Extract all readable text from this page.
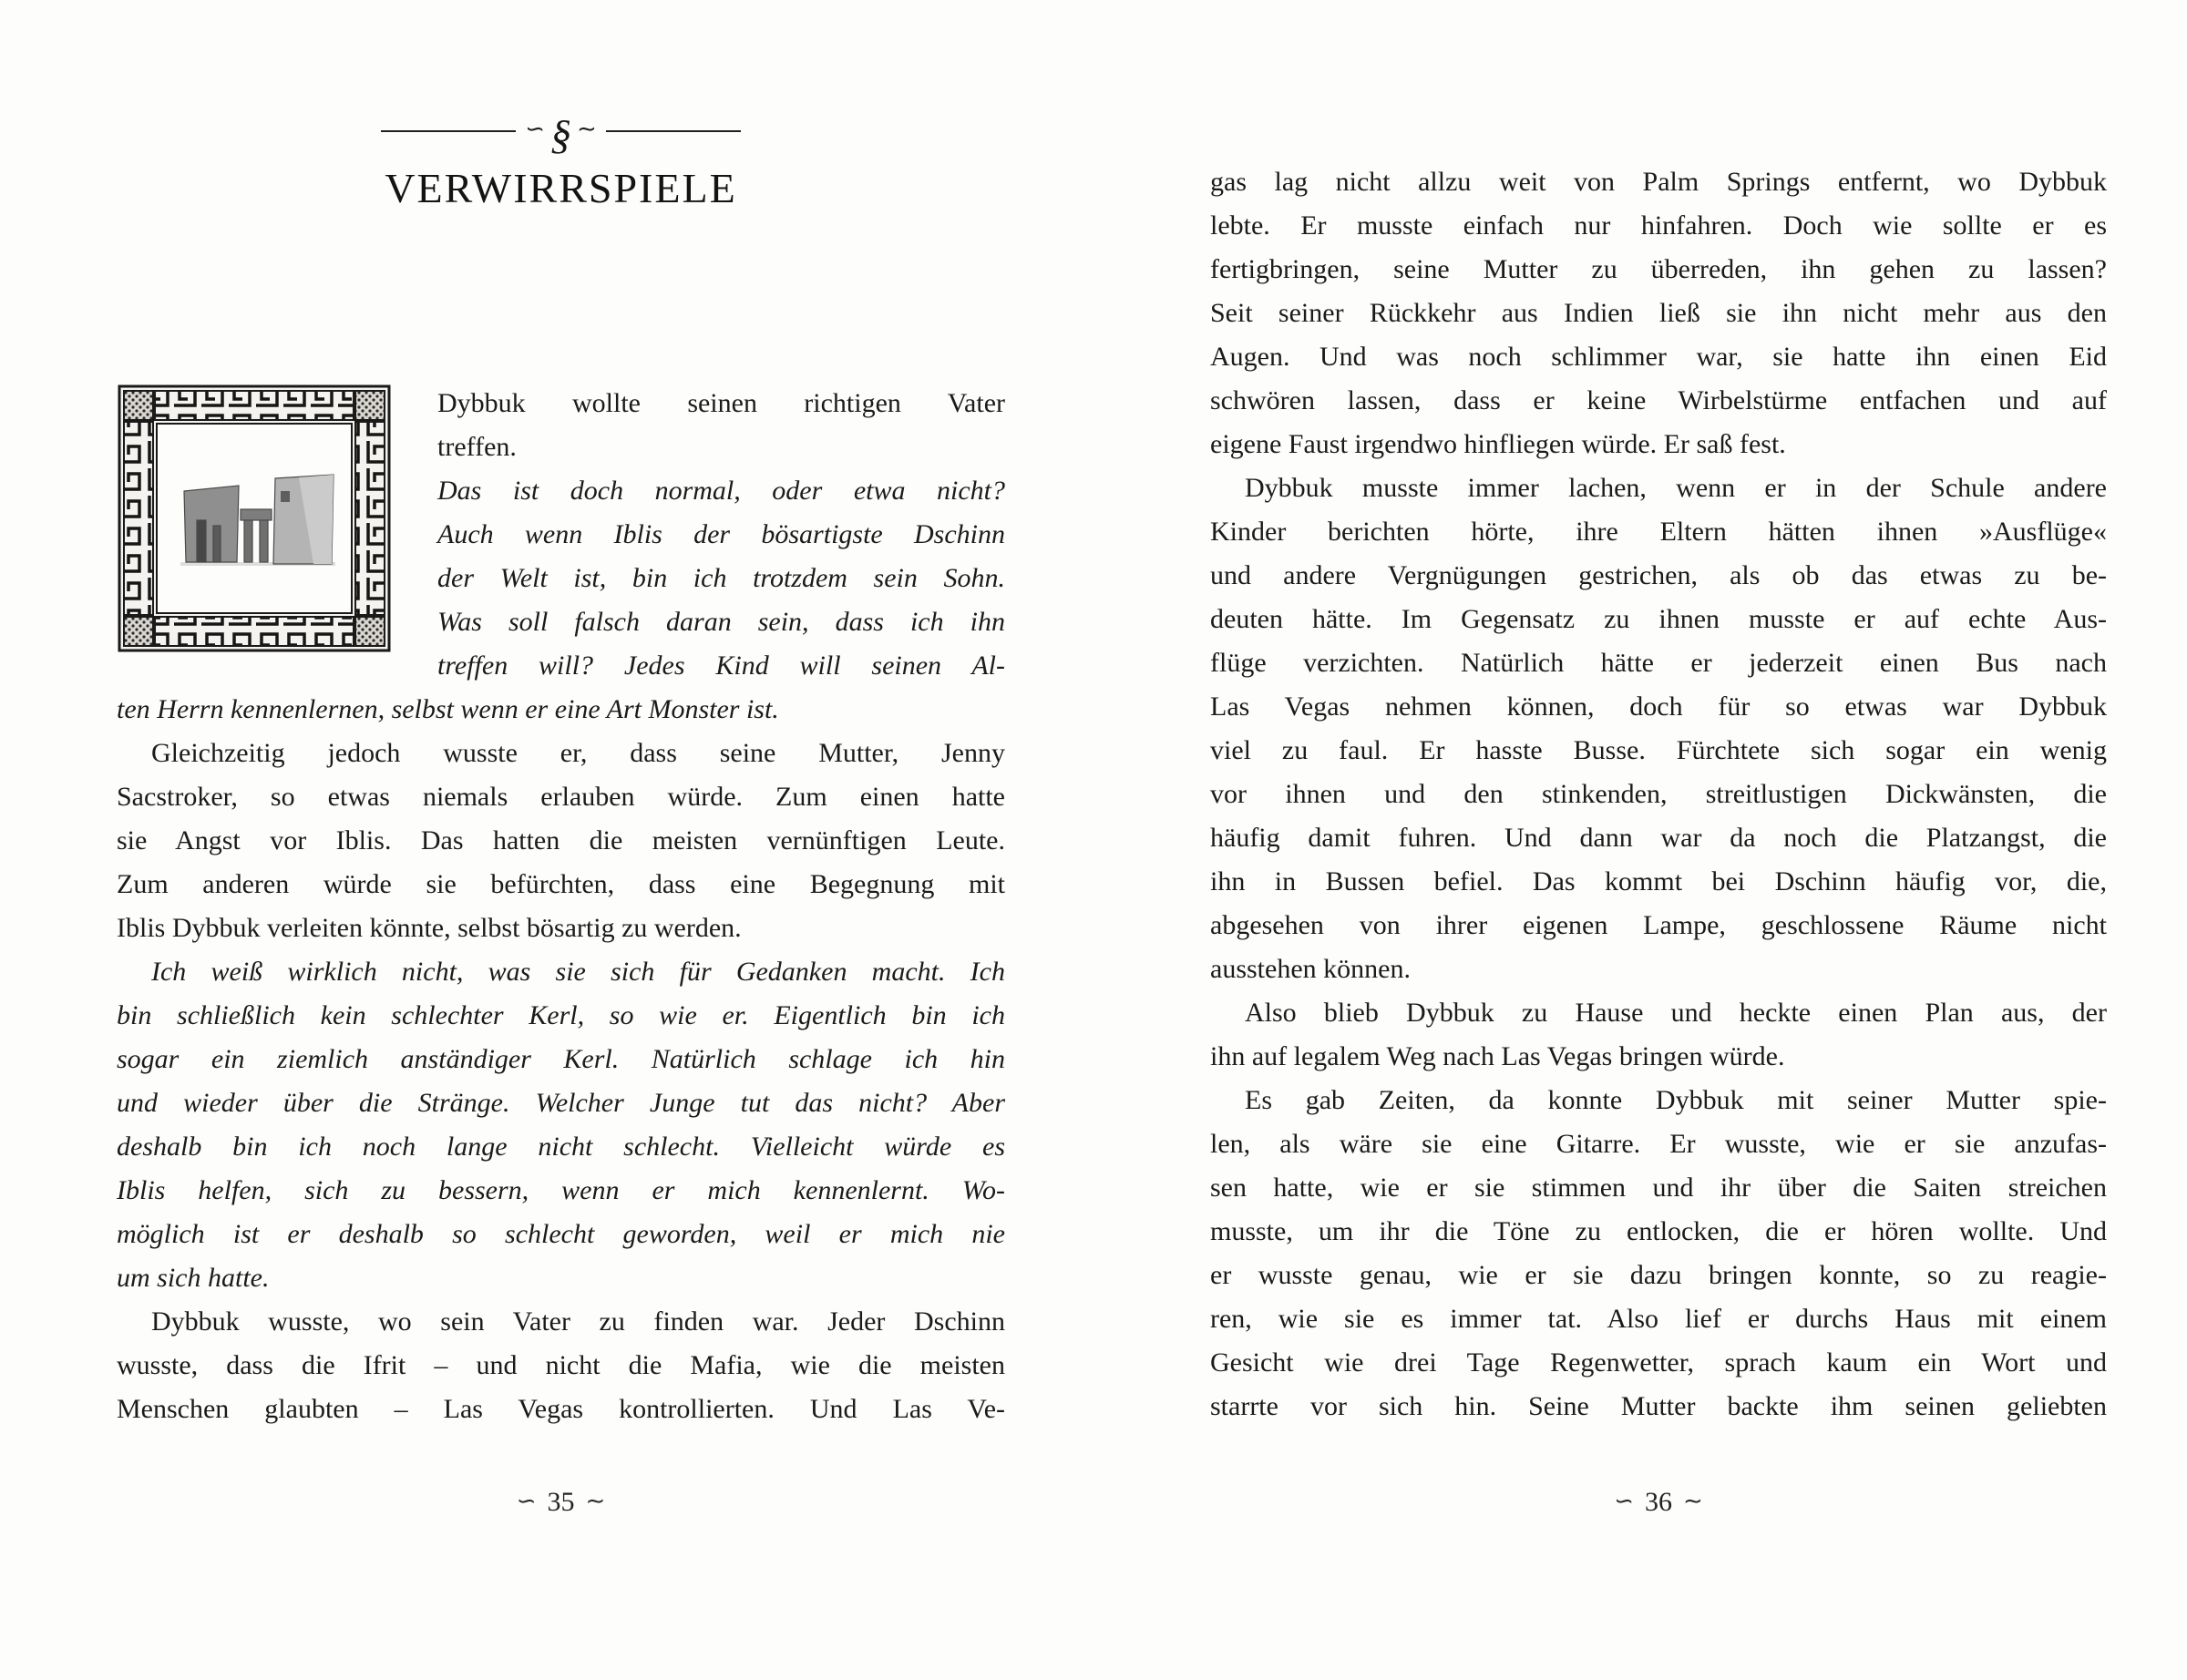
∽ § ∼
VERWIRRSPIELE
Dybbuk wollte seinen richtigen Vater
treffen.
Das ist doch normal, oder etwa nicht?
Auch wenn Iblis der bösartigste Dschinn
der Welt ist, bin ich trotzdem sein Sohn.
Was soll falsch daran sein, dass ich ihn
treffen will? Jedes Kind will seinen Al-
ten Herrn kennenlernen, selbst wenn er eine Art Monster ist.
Gleichzeitig jedoch wusste er, dass seine Mutter, Jenny
Sacstroker, so etwas niemals erlauben würde. Zum einen hatte
sie Angst vor Iblis. Das hatten die meisten vernünftigen Leute.
Zum anderen würde sie befürchten, dass eine Begegnung mit
Iblis Dybbuk verleiten könnte, selbst bösartig zu werden.
Ich weiß wirklich nicht, was sie sich für Gedanken macht. Ich
bin schließlich kein schlechter Kerl, so wie er. Eigentlich bin ich
sogar ein ziemlich anständiger Kerl. Natürlich schlage ich hin
und wieder über die Stränge. Welcher Junge tut das nicht? Aber
deshalb bin ich noch lange nicht schlecht. Vielleicht würde es
Iblis helfen, sich zu bessern, wenn er mich kennenlernt. Wo-
möglich ist er deshalb so schlecht geworden, weil er mich nie
um sich hatte.
Dybbuk wusste, wo sein Vater zu finden war. Jeder Dschinn
wusste, dass die Ifrit – und nicht die Mafia, wie die meisten
Menschen glaubten – Las Vegas kontrollierten. Und Las Ve-
∽ 35 ∼
gas lag nicht allzu weit von Palm Springs entfernt, wo Dybbuk
lebte. Er musste einfach nur hinfahren. Doch wie sollte er es
fertigbringen, seine Mutter zu überreden, ihn gehen zu lassen?
Seit seiner Rückkehr aus Indien ließ sie ihn nicht mehr aus den
Augen. Und was noch schlimmer war, sie hatte ihn einen Eid
schwören lassen, dass er keine Wirbelstürme entfachen und auf
eigene Faust irgendwo hinfliegen würde. Er saß fest.
Dybbuk musste immer lachen, wenn er in der Schule andere
Kinder berichten hörte, ihre Eltern hätten ihnen »Ausflüge«
und andere Vergnügungen gestrichen, als ob das etwas zu be-
deuten hätte. Im Gegensatz zu ihnen musste er auf echte Aus-
flüge verzichten. Natürlich hätte er jederzeit einen Bus nach
Las Vegas nehmen können, doch für so etwas war Dybbuk
viel zu faul. Er hasste Busse. Fürchtete sich sogar ein wenig
vor ihnen und den stinkenden, streitlustigen Dickwänsten, die
häufig damit fuhren. Und dann war da noch die Platzangst, die
ihn in Bussen befiel. Das kommt bei Dschinn häufig vor, die,
abgesehen von ihrer eigenen Lampe, geschlossene Räume nicht
ausstehen können.
Also blieb Dybbuk zu Hause und heckte einen Plan aus, der
ihn auf legalem Weg nach Las Vegas bringen würde.
Es gab Zeiten, da konnte Dybbuk mit seiner Mutter spie-
len, als wäre sie eine Gitarre. Er wusste, wie er sie anzufas-
sen hatte, wie er sie stimmen und ihr über die Saiten streichen
musste, um ihr die Töne zu entlocken, die er hören wollte. Und
er wusste genau, wie er sie dazu bringen konnte, so zu reagie-
ren, wie sie es immer tat. Also lief er durchs Haus mit einem
Gesicht wie drei Tage Regenwetter, sprach kaum ein Wort und
starrte vor sich hin. Seine Mutter backte ihm seinen geliebten
∽ 36 ∼
